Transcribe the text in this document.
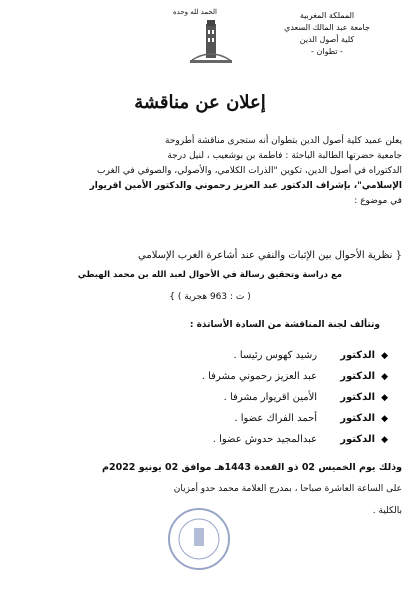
المملكة المغربية
جامعة عبد المالك السعدي
كلية أصول الدين
- تطوان -
الحمد لله وحده
إعلان عن مناقشة
يعلن عميد كلية أصول الدين بتطوان أنه ستجرى مناقشة أطروحة
جامعية حضرتها الطالبة الباحثة : فاطمة بن بوشعيب ، لنيل درجة
الدكتوراه في أصول الدين، تكوين "الذرات الكلامي، والأصولي، والصوفي في الغرب
الإسلامي"، بإشراف الدكتور عبد العزيز رحموني والدكتور الأمين اقريوار
في موضوع :
{ نظرية الأحوال بين الإثبات والنفي عند أشاعرة الغرب الإسلامي
مع دراسة وتحقيق رسالة في الأحوال لعبد الله بن محمد الهبطي
( ت : 963 هجرية ) }
وتتألف لجنة المناقشة من السادة الأساتذة :
◆
الدكتور
رشيد كهوس رئيسا .
◆
الدكتور
عبد العزيز رحموني مشرفا .
◆
الدكتور
الأمين اقريوار مشرفا .
◆
الدكتور
أحمد الفراك عضوا .
◆
الدكتور
عبدالمجيد حدوش عضوا .
وذلك يوم الخميس 02 ذو القعدة 1443هـ موافق 02 يونيو 2022م
على الساعة العاشرة صباحا ، بمدرج العلامة محمد حدو أمزيان
بالكلية .
